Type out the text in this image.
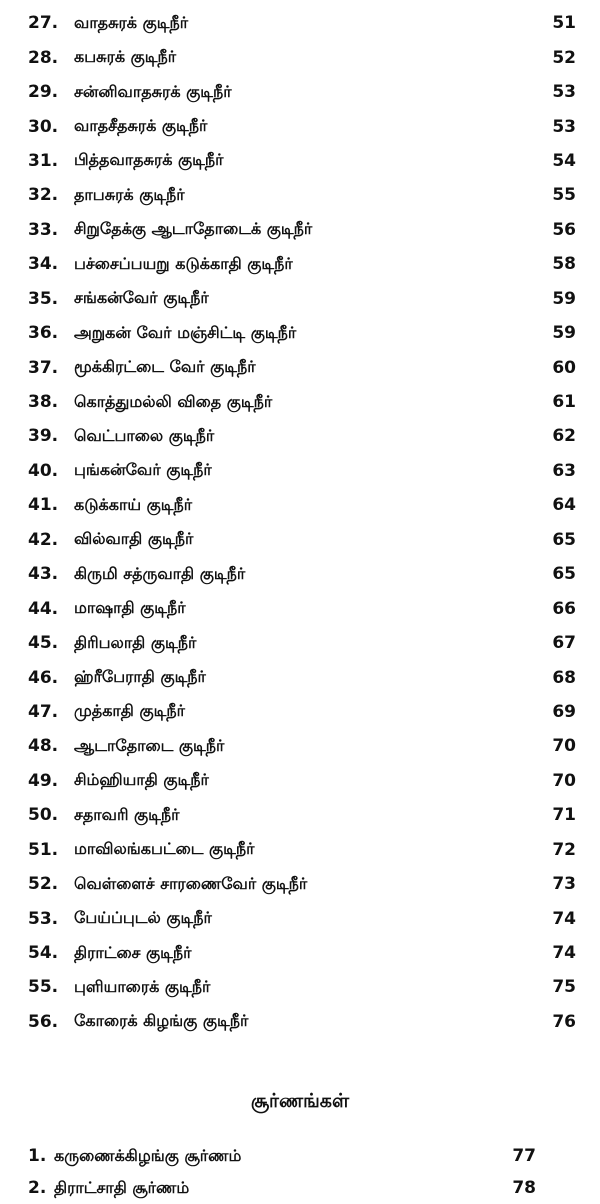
27. வாதசுரக் குடிநீர்	51
28. கபசுரக் குடிநீர்	52
29. சன்னிவாதசுரக் குடிநீர்	53
30. வாதசீதசுரக் குடிநீர்	53
31. பித்தவாதசுரக் குடிநீர்	54
32. தாபசுரக் குடிநீர்	55
33. சிறுதேக்கு ஆடாதோடைக் குடிநீர்	56
34. பச்சைப்பயறு கடுக்காதி குடிநீர்	58
35. சங்கன்வேர் குடிநீர்	59
36. அறுகன் வேர் மஞ்சிட்டி குடிநீர்	59
37. மூக்கிரட்டை வேர் குடிநீர்	60
38. கொத்துமல்லி விதை குடிநீர்	61
39. வெட்பாலை குடிநீர்	62
40. புங்கன்வேர் குடிநீர்	63
41. கடுக்காய் குடிநீர்	64
42. வில்வாதி குடிநீர்	65
43. கிருமி சத்ருவாதி குடிநீர்	65
44. மாஷாதி குடிநீர்	66
45. திரிபலாதி குடிநீர்	67
46. ஹ்ரீபேராதி குடிநீர்	68
47. முத்காதி குடிநீர்	69
48. ஆடாதோடை குடிநீர்	70
49. சிம்ஹியாதி குடிநீர்	70
50. சதாவரி குடிநீர்	71
51. மாவிலங்கபட்டை குடிநீர்	72
52. வெள்ளைச் சாரணைவேர் குடிநீர்	73
53. பேய்ப்புடல் குடிநீர்	74
54. திராட்சை குடிநீர்	74
55. புளியாரைக் குடிநீர்	75
56. கோரைக் கிழங்கு குடிநீர்	76
சூர்ணங்கள்
1. கருணைக்கிழங்கு சூர்ணம்	77
2. திராட்சாதி சூர்ணம்	78
